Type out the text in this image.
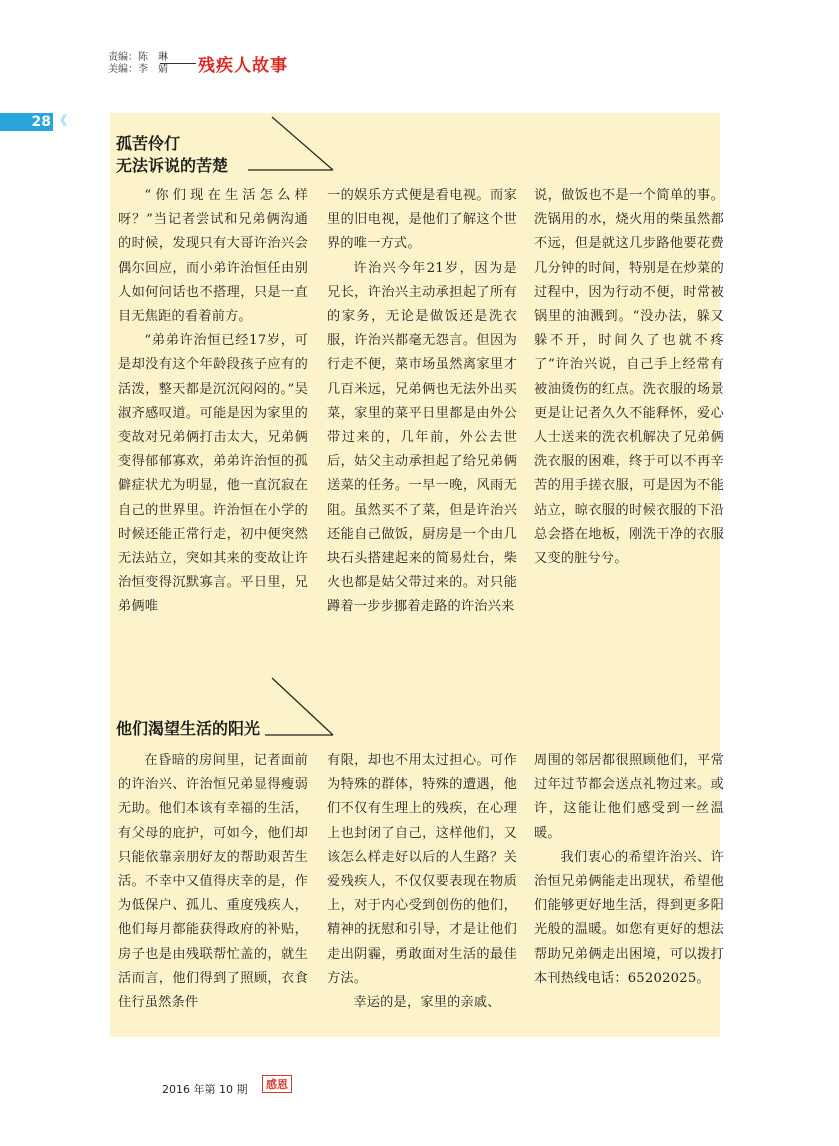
责编：陈　琳
美编：李　婧 残疾人故事
28 《
孤苦伶仃
无法诉说的苦楚

“你们现在生活怎么样呀？”当记者尝试和兄弟俩沟通的时候，发现只有大哥许治兴会偶尔回应，而小弟许治恒任由别人如何问话也不搭理，只是一直目无焦距的看着前方。

“弟弟许治恒已经17岁，可是却没有这个年龄段孩子应有的活泼，整天都是沉沉闷闷的。”吴淑齐感叹道。可能是因为家里的变故对兄弟俩打击太大，兄弟俩变得郁郁寡欢，弟弟许治恒的孤僻症状尤为明显，他一直沉寂在自己的世界里。许治恒在小学的时候还能正常行走，初中便突然无法站立，突如其来的变故让许治恒变得沉默寡言。平日里，兄弟俩唯

一的娱乐方式便是看电视。而家里的旧电视，是他们了解这个世界的唯一方式。

许治兴今年21岁，因为是兄长，许治兴主动承担起了所有的家务，无论是做饭还是洗衣服，许治兴都毫无怨言。但因为行走不便，菜市场虽然离家里才几百米远，兄弟俩也无法外出买菜，家里的菜平日里都是由外公带过来的，几年前，外公去世后，姑父主动承担起了给兄弟俩送菜的任务。一早一晚，风雨无阻。虽然买不了菜，但是许治兴还能自己做饭，厨房是一个由几块石头搭建起来的简易灶台，柴火也都是姑父带过来的。对只能蹲着一步步挪着走路的许治兴来

说，做饭也不是一个简单的事。洗锅用的水，烧火用的柴虽然都不远，但是就这几步路他要花费几分钟的时间，特别是在炒菜的过程中，因为行动不便，时常被锅里的油溅到。“没办法，躲又躲不开，时间久了也就不疼了”许治兴说，自己手上经常有被油烫伤的红点。洗衣服的场景更是让记者久久不能释怀，爱心人士送来的洗衣机解决了兄弟俩洗衣服的困难，终于可以不再辛苦的用手搓衣服，可是因为不能站立，晾衣服的时候衣服的下沿总会搭在地板，刚洗干净的衣服又变的脏兮兮。

他们渴望生活的阳光

在昏暗的房间里，记者面前的许治兴、许治恒兄弟显得瘦弱无助。他们本该有幸福的生活，有父母的庇护，可如今，他们却只能依靠亲朋好友的帮助艰苦生活。不幸中又值得庆幸的是，作为低保户、孤儿、重度残疾人，他们每月都能获得政府的补贴，房子也是由残联帮忙盖的，就生活而言，他们得到了照顾，衣食住行虽然条件

有限，却也不用太过担心。可作为特殊的群体，特殊的遭遇，他们不仅有生理上的残疾，在心理上也封闭了自己，这样他们，又该怎么样走好以后的人生路？关爱残疾人，不仅仅要表现在物质上，对于内心受到创伤的他们，精神的抚慰和引导，才是让他们走出阴霾，勇敢面对生活的最佳方法。

幸运的是，家里的亲戚、

周围的邻居都很照顾他们，平常过年过节都会送点礼物过来。或许，这能让他们感受到一丝温暖。

我们衷心的希望许治兴、许治恒兄弟俩能走出现状，希望他们能够更好地生活，得到更多阳光般的温暖。如您有更好的想法帮助兄弟俩走出困境，可以拨打本刊热线电话：65202025。

2016 年第 10 期	感恩
